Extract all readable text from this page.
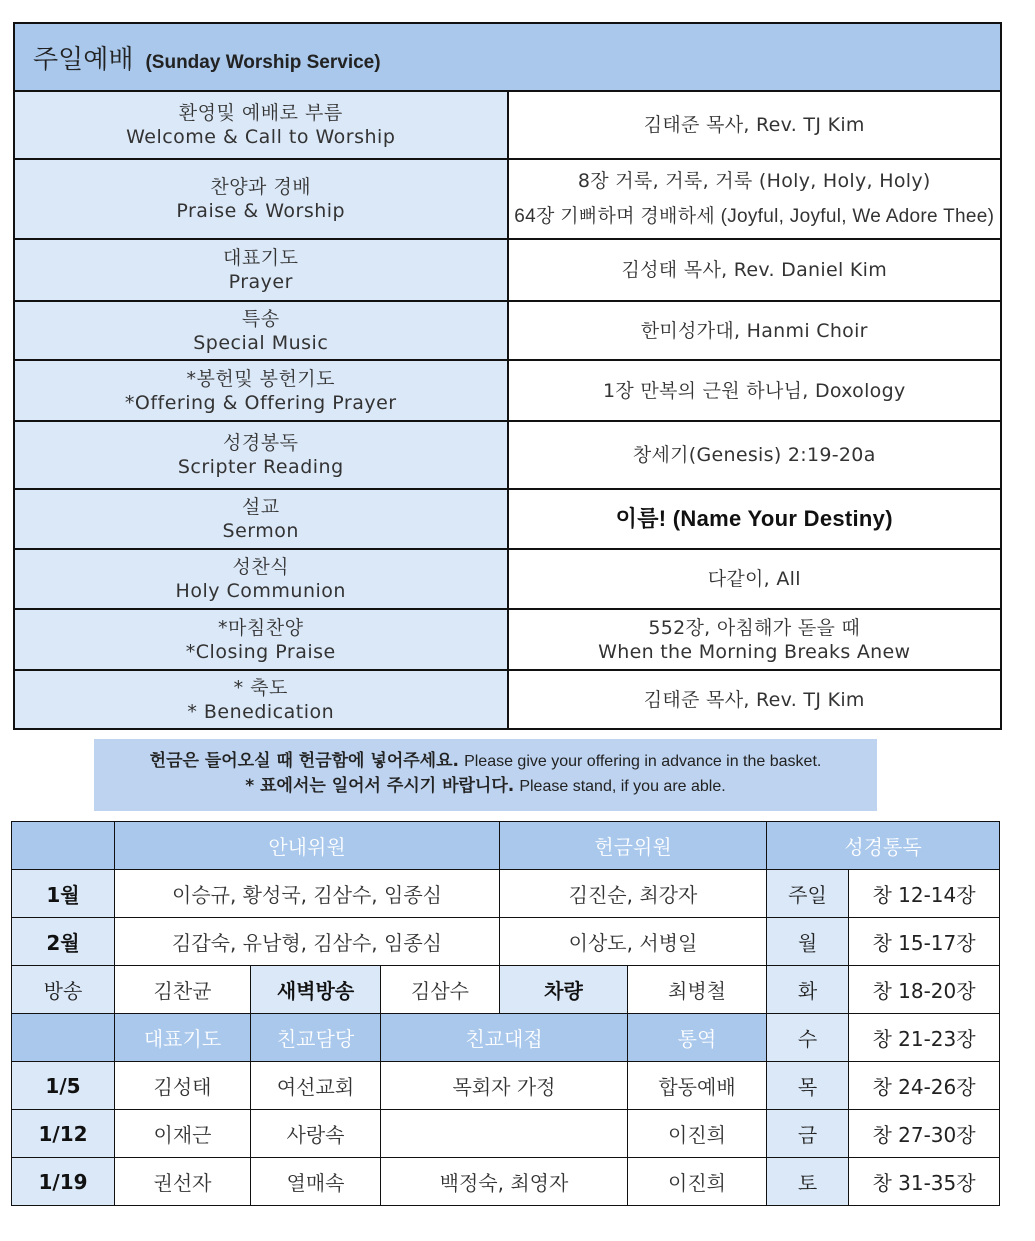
주일예배 (Sunday Worship Service)	

환영및 예배로 부름
Welcome & Call to Worship	김태준 목사, Rev. TJ Kim

찬양과 경배
Praise & Worship	8장 거룩, 거룩, 거룩 (Holy, Holy, Holy)
64장 기뻐하며 경배하세 (Joyful, Joyful, We Adore Thee)

대표기도
Prayer	김성태 목사, Rev. Daniel Kim

특송
Special Music	한미성가대, Hanmi Choir

*봉헌및 봉헌기도
*Offering & Offering Prayer	1장 만복의 근원 하나님, Doxology

성경봉독
Scripter Reading	창세기(Genesis) 2:19-20a

설교
Sermon	이름! (Name Your Destiny)

성찬식
Holy Communion	다같이, All

*마침찬양
*Closing Praise	552장, 아침해가 돋을 때
When the Morning Breaks Anew

* 축도
* Benedication	김태준 목사, Rev. TJ Kim
헌금은 들어오실 때 헌금함에 넣어주세요. Please give your offering in advance in the basket.
* 표에서는 일어서 주시기 바랍니다. Please stand, if you are able.
	안내위원			헌금위원		성경통독	
1월	이승규, 황성국, 김삼수, 임종심			김진순, 최강자		주일	창 12-14장
2월	김갑숙, 유남형, 김삼수, 임종심			이상도, 서병일		월	창 15-17장
방송	김찬균	새벽방송	김삼수	차량	최병철	화	창 18-20장
	대표기도	친교담당	친교대접		통역	수	창 21-23장
1/5	김성태	여선교회	목회자 가정		합동예배	목	창 24-26장
1/12	이재근	사랑속			이진희	금	창 27-30장
1/19	권선자	열매속	백정숙, 최영자		이진희	토	창 31-35장
